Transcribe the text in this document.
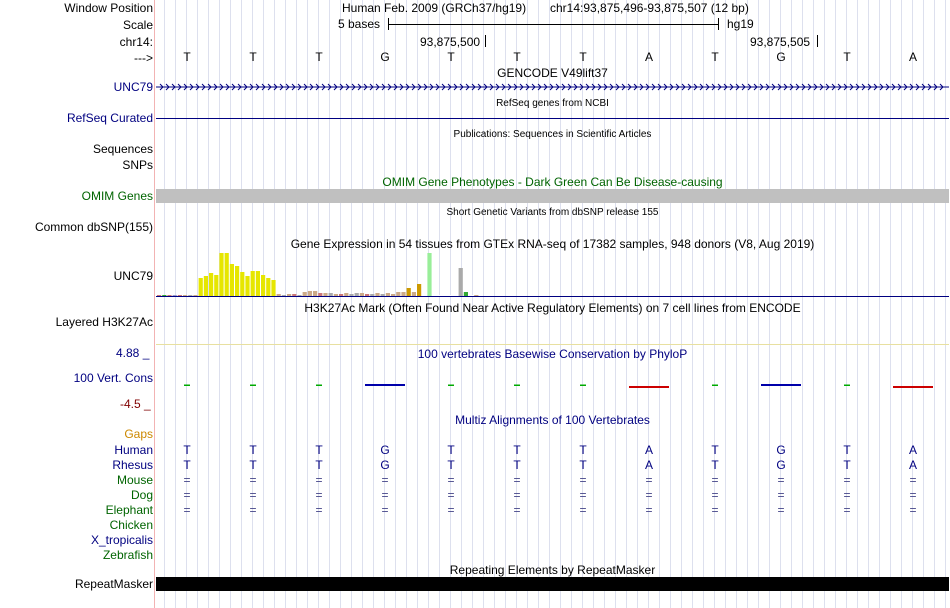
Window Position	Human Feb. 2009 (GRCh37/hg19) chr14:93,875,496-93,875,507 (12 bp)
Scale	5 bases	hg19
chr14:	93,875,500	93,875,505
--->	T	T	T	G	T	T	T	A	T	G	T	A
GENCODE V49lift37
UNC79
RefSeq genes from NCBI
RefSeq Curated
Publications: Sequences in Scientific Articles
Sequences
SNPs
OMIM Gene Phenotypes - Dark Green Can Be Disease-causing
OMIM Genes
Short Genetic Variants from dbSNP release 155
Common dbSNP(155)
Gene Expression in 54 tissues from GTEx RNA-seq of 17382 samples, 948 donors (V8, Aug 2019)
UNC79
H3K27Ac Mark (Often Found Near Active Regulatory Elements) on 7 cell lines from ENCODE
Layered H3K27Ac
4.88 _	100 vertebrates Basewise Conservation by PhyloP
100 Vert. Cons
-4.5 _
Multiz Alignments of 100 Vertebrates
Gaps
Human	T	T	T	G	T	T	T	A	T	G	T	A
Rhesus	T	T	T	G	T	T	T	A	T	G	T	A
Mouse	=	=	=	=	=	=	=	=	=	=	=	=
Dog	=	=	=	=	=	=	=	=	=	=	=	=
Elephant	=	=	=	=	=	=	=	=	=	=	=	=
Chicken
X_tropicalis
Zebrafish
Repeating Elements by RepeatMasker
RepeatMasker
